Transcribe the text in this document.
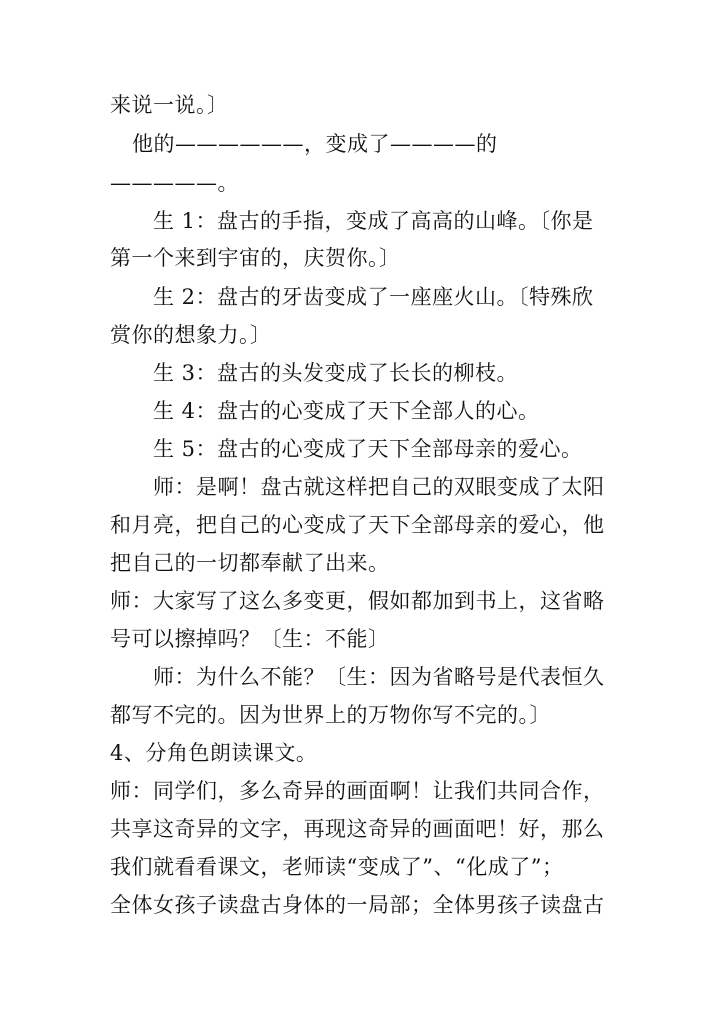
来说一说。〕
他的——————，变成了————的
—————。
生 1：盘古的手指，变成了高高的山峰。〔你是
第一个来到宇宙的，庆贺你。〕
生 2：盘古的牙齿变成了一座座火山。〔特殊欣
赏你的想象力。〕
生 3：盘古的头发变成了长长的柳枝。
生 4：盘古的心变成了天下全部人的心。
生 5：盘古的心变成了天下全部母亲的爱心。
师：是啊！盘古就这样把自己的双眼变成了太阳
和月亮，把自己的心变成了天下全部母亲的爱心，他
把自己的一切都奉献了出来。
师：大家写了这么多变更，假如都加到书上，这省略
号可以擦掉吗？〔生：不能〕
师：为什么不能？〔生：因为省略号是代表恒久
都写不完的。因为世界上的万物你写不完的。〕
4、分角色朗读课文。
师：同学们，多么奇异的画面啊！让我们共同合作，
共享这奇异的文字，再现这奇异的画面吧！好，那么
我们就看看课文，老师读“变成了”、“化成了”；
全体女孩子读盘古身体的一局部；全体男孩子读盘古
